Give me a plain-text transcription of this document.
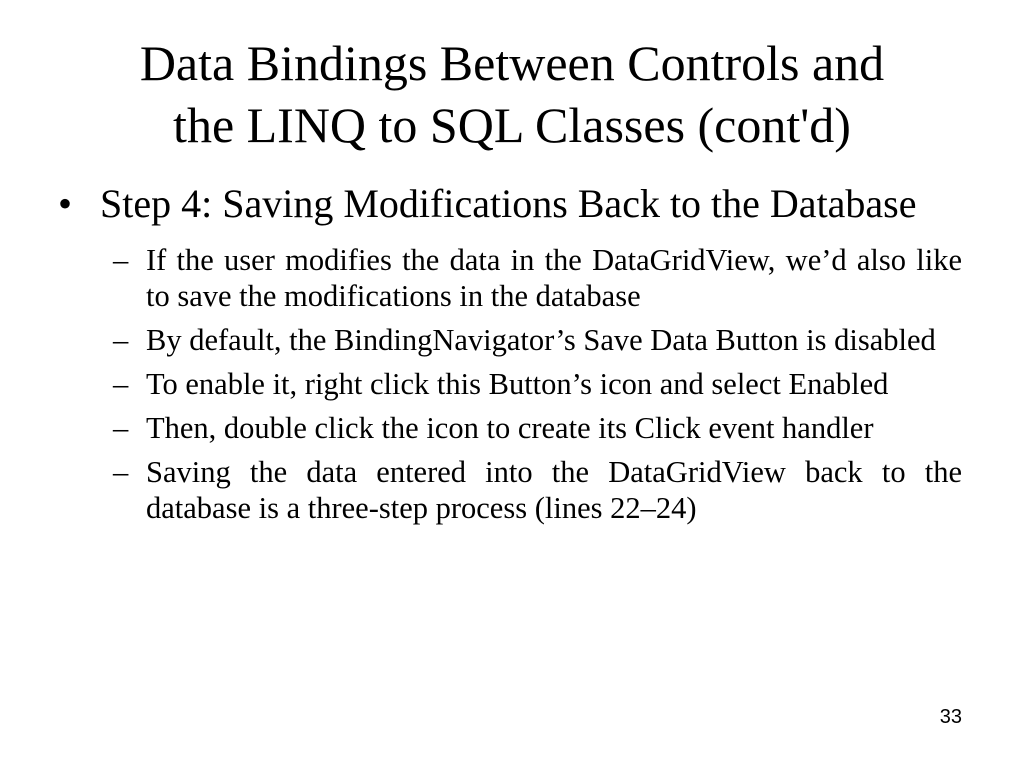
Data Bindings Between Controls and
the LINQ to SQL Classes (cont'd)
• Step 4: Saving Modifications Back to the Database
– If the user modifies the data in the DataGridView, we’d also like to save the modifications in the database
– By default, the BindingNavigator’s Save Data Button is disabled
– To enable it, right click this Button’s icon and select Enabled
– Then, double click the icon to create its Click event handler
– Saving the data entered into the DataGridView back to the database is a three-step process (lines 22–24)
33
